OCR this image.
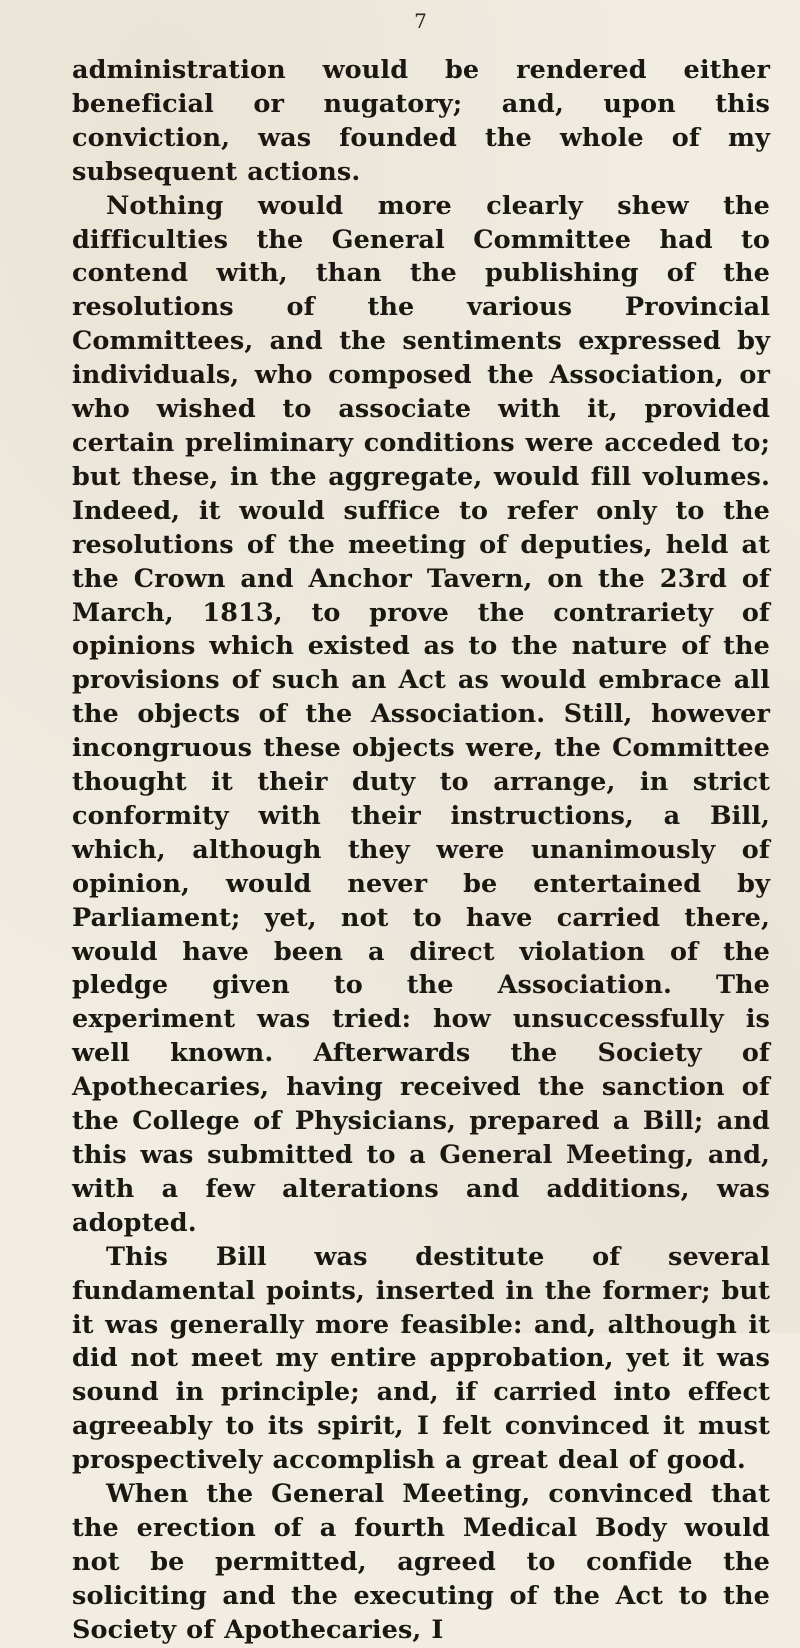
7

administration would be rendered either beneficial or nugatory; and, upon this conviction, was founded the whole of my subsequent actions.

Nothing would more clearly shew the difficulties the General Committee had to contend with, than the publishing of the resolutions of the various Provincial Committees, and the sentiments expressed by individuals, who composed the Association, or who wished to associate with it, provided certain preliminary conditions were acceded to; but these, in the aggregate, would fill volumes. Indeed, it would suffice to refer only to the resolutions of the meeting of deputies, held at the Crown and Anchor Tavern, on the 23rd of March, 1813, to prove the contrariety of opinions which existed as to the nature of the provisions of such an Act as would embrace all the objects of the Association. Still, however incongruous these objects were, the Committee thought it their duty to arrange, in strict conformity with their instructions, a Bill, which, although they were unanimously of opinion, would never be entertained by Parliament; yet, not to have carried there, would have been a direct violation of the pledge given to the Association. The experiment was tried: how unsuccessfully is well known. Afterwards the Society of Apothecaries, having received the sanction of the College of Physicians, prepared a Bill; and this was submitted to a General Meeting, and, with a few alterations and additions, was adopted.

This Bill was destitute of several fundamental points, inserted in the former; but it was generally more feasible: and, although it did not meet my entire approbation, yet it was sound in principle; and, if carried into effect agreeably to its spirit, I felt convinced it must prospectively accomplish a great deal of good.

When the General Meeting, convinced that the erection of a fourth Medical Body would not be permitted, agreed to confide the soliciting and the executing of the Act to the Society of Apothecaries, I
